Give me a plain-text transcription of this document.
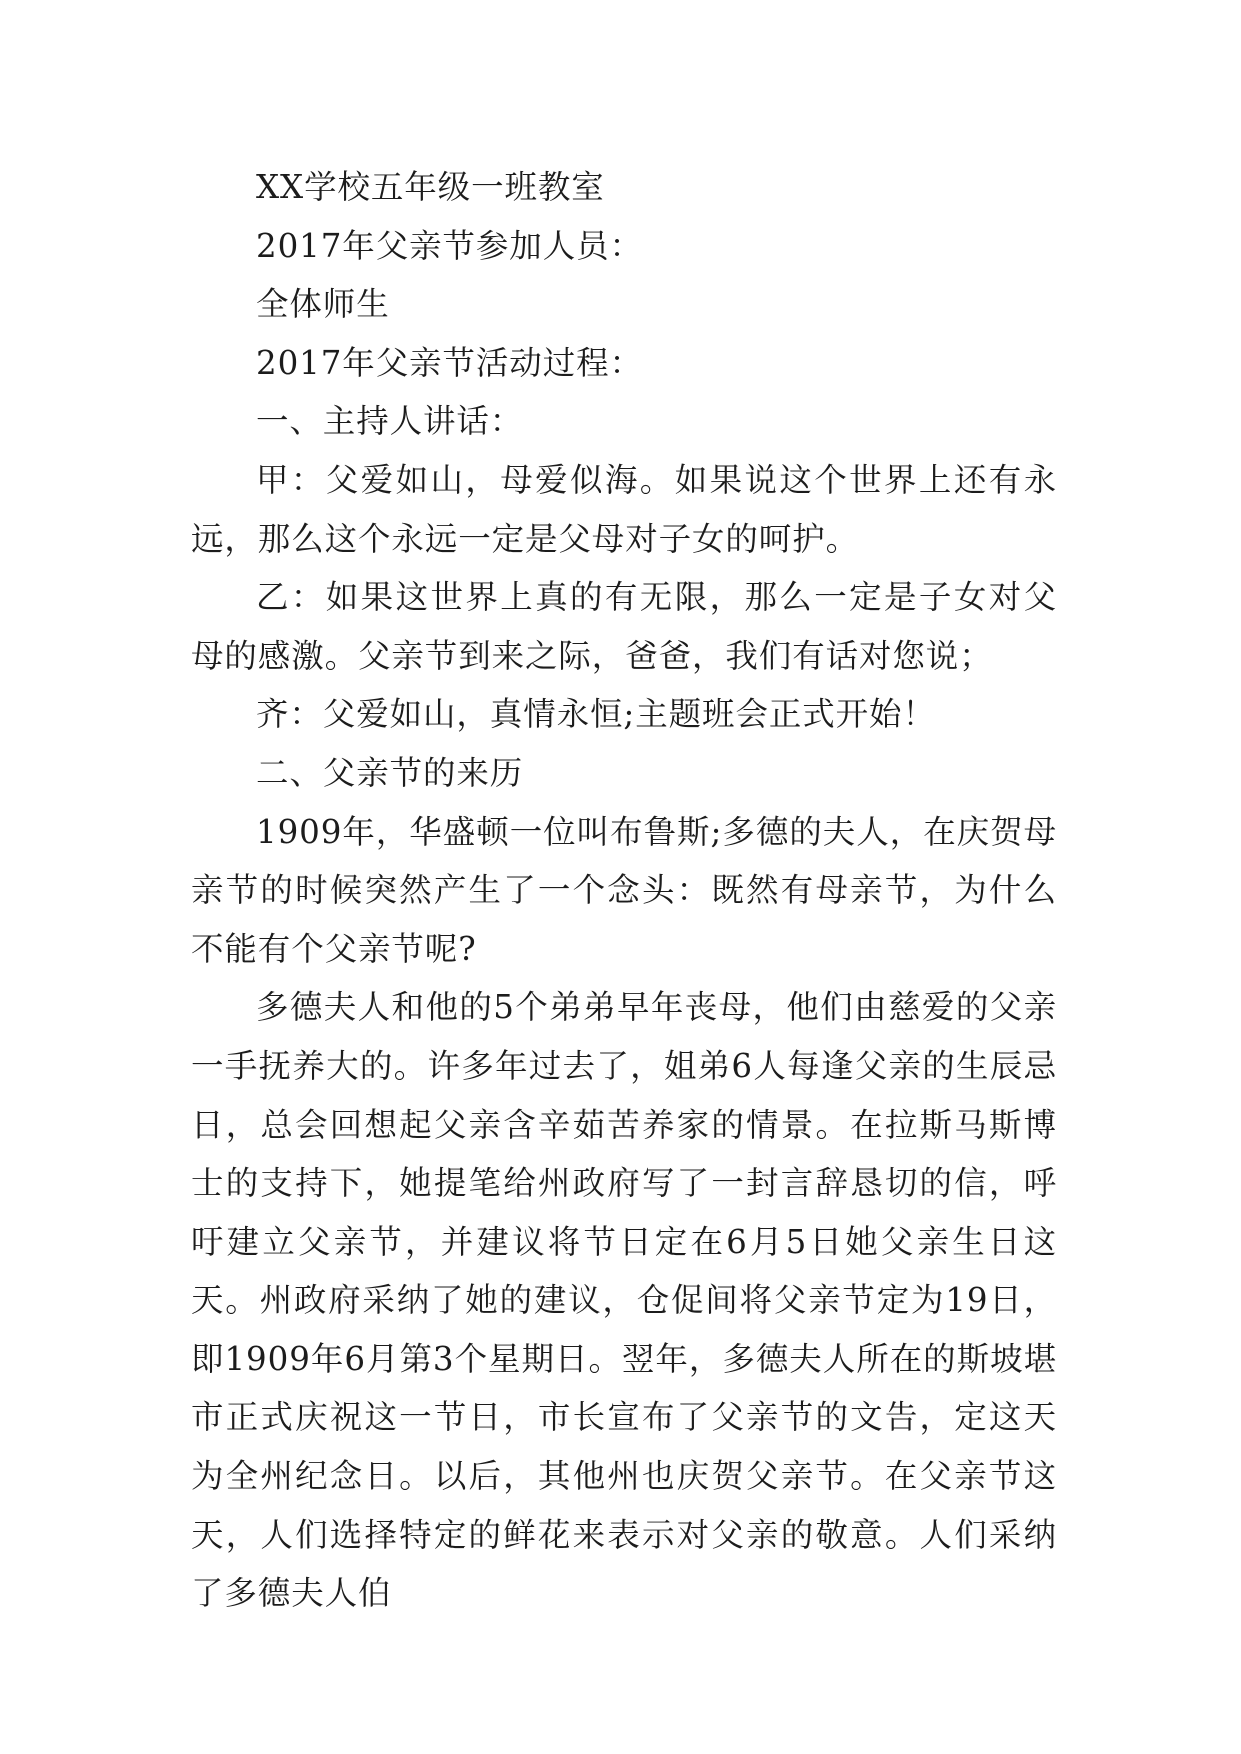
XX学校五年级一班教室

2017年父亲节参加人员：

全体师生

2017年父亲节活动过程：

一、主持人讲话：

甲：父爱如山，母爱似海。如果说这个世界上还有永远，那么这个永远一定是父母对子女的呵护。

乙：如果这世界上真的有无限，那么一定是子女对父母的感激。父亲节到来之际，爸爸，我们有话对您说；

齐：父爱如山，真情永恒;主题班会正式开始！

二、父亲节的来历

1909年，华盛顿一位叫布鲁斯;多德的夫人，在庆贺母亲节的时候突然产生了一个念头：既然有母亲节，为什么不能有个父亲节呢?

多德夫人和他的5个弟弟早年丧母，他们由慈爱的父亲一手抚养大的。许多年过去了，姐弟6人每逢父亲的生辰忌日，总会回想起父亲含辛茹苦养家的情景。在拉斯马斯博士的支持下，她提笔给州政府写了一封言辞恳切的信，呼吁建立父亲节，并建议将节日定在6月5日她父亲生日这天。州政府采纳了她的建议，仓促间将父亲节定为19日，即1909年6月第3个星期日。翌年，多德夫人所在的斯坡堪市正式庆祝这一节日，市长宣布了父亲节的文告，定这天为全州纪念日。以后，其他州也庆贺父亲节。在父亲节这天，人们选择特定的鲜花来表示对父亲的敬意。人们采纳了多德夫人伯
